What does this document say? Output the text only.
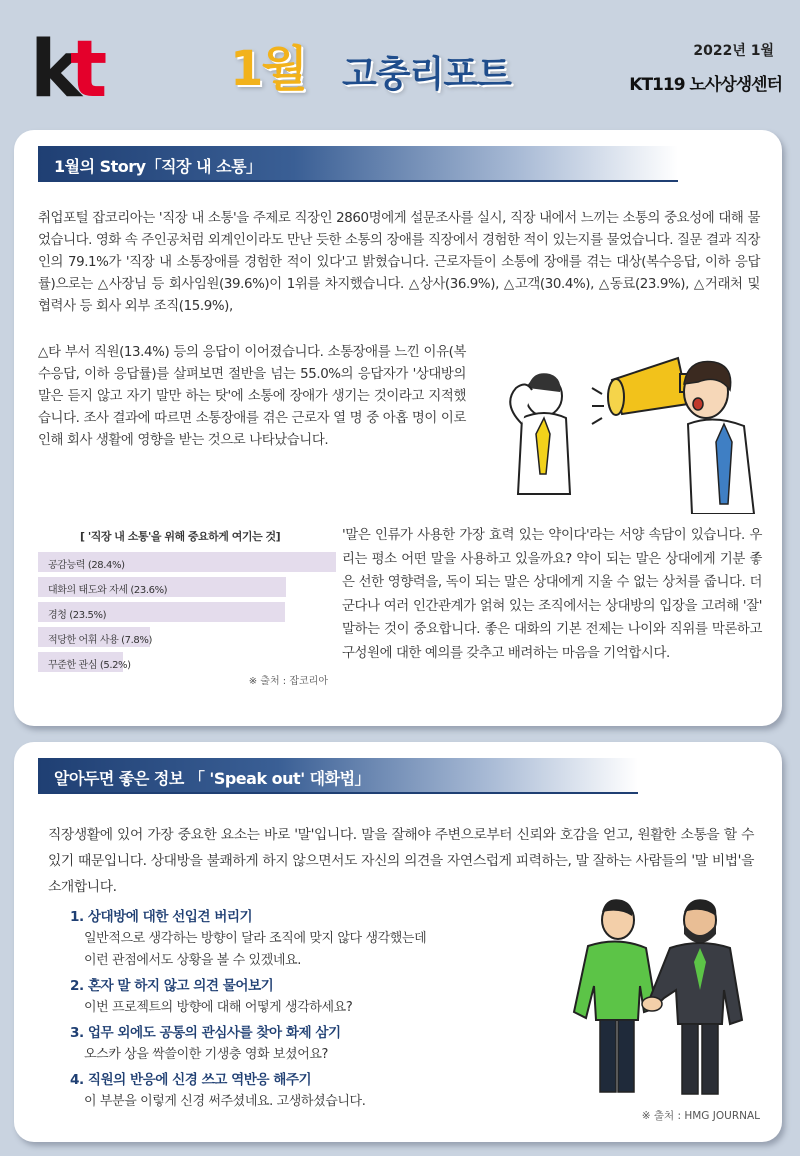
k
t	1월 고충리포트
2022년 1월
KT119 노사상생센터
1월의 Story「직장 내 소통」

취업포털 잡코리아는 '직장 내 소통'을 주제로 직장인 2860명에게 설문조사를 실시, 직장 내에서 느끼는 소통의 중요성에 대해 물었습니다. 영화 속 주인공처럼 외계인이라도 만난 듯한 소통의 장애를 직장에서 경험한 적이 있는지를 물었습니다. 질문 결과 직장인의 79.1%가 '직장 내 소통장애를 경험한 적이 있다'고 밝혔습니다. 근로자들이 소통에 장애를 겪는 대상(복수응답, 이하 응답률)으로는 △사장님 등 회사임원(39.6%)이 1위를 차지했습니다. △상사(36.9%), △고객(30.4%), △동료(23.9%), △거래처 및 협력사 등 회사 외부 조직(15.9%),

△타 부서 직원(13.4%) 등의 응답이 이어졌습니다. 소통장애를 느낀 이유(복수응답, 이하 응답률)를 살펴보면 절반을 넘는 55.0%의 응답자가 '상대방의 말은 듣지 않고 자기 말만 하는 탓'에 소통에 장애가 생기는 것이라고 지적했습니다. 조사 결과에 따르면 소통장애를 겪은 근로자 열 명 중 아홉 명이 이로 인해 회사 생활에 영향을 받는 것으로 나타났습니다.

[ '직장 내 소통'을 위해 중요하게 여기는 것]
공감능력 (28.4%)
대화의 태도와 자세 (23.6%)
경청 (23.5%)
적당한 어휘 사용 (7.8%)
꾸준한 관심 (5.2%)
※ 출처 : 잡코리아

'말은 인류가 사용한 가장 효력 있는 약이다'라는 서양 속담이 있습니다. 우리는 평소 어떤 말을 사용하고 있을까요? 약이 되는 말은 상대에게 기분 좋은 선한 영향력을, 독이 되는 말은 상대에게 지울 수 없는 상처를 줍니다. 더군다나 여러 인간관계가 얽혀 있는 조직에서는 상대방의 입장을 고려해 '잘' 말하는 것이 중요합니다. 좋은 대화의 기본 전제는 나이와 직위를 막론하고 구성원에 대한 예의를 갖추고 배려하는 마음을 기억합시다.

알아두면 좋은 정보 「 'Speak out' 대화법」

직장생활에 있어 가장 중요한 요소는 바로 '말'입니다. 말을 잘해야 주변으로부터 신뢰와 호감을 얻고, 원활한 소통을 할 수 있기 때문입니다. 상대방을 불쾌하게 하지 않으면서도 자신의 의견을 자연스럽게 피력하는, 말 잘하는 사람들의 '말 비법'을 소개합니다.

1. 상대방에 대한 선입견 버리기
일반적으로 생각하는 방향이 달라 조직에 맞지 않다 생각했는데
이런 관점에서도 상황을 볼 수 있겠네요.
2. 혼자 말 하지 않고 의견 물어보기
이번 프로젝트의 방향에 대해 어떻게 생각하세요?
3. 업무 외에도 공통의 관심사를 찾아 화제 삼기
오스카 상을 싹쓸이한 기생충 영화 보셨어요?
4. 직원의 반응에 신경 쓰고 역반응 해주기
이 부분을 이렇게 신경 써주셨네요. 고생하셨습니다.
※ 출처 : HMG JOURNAL
